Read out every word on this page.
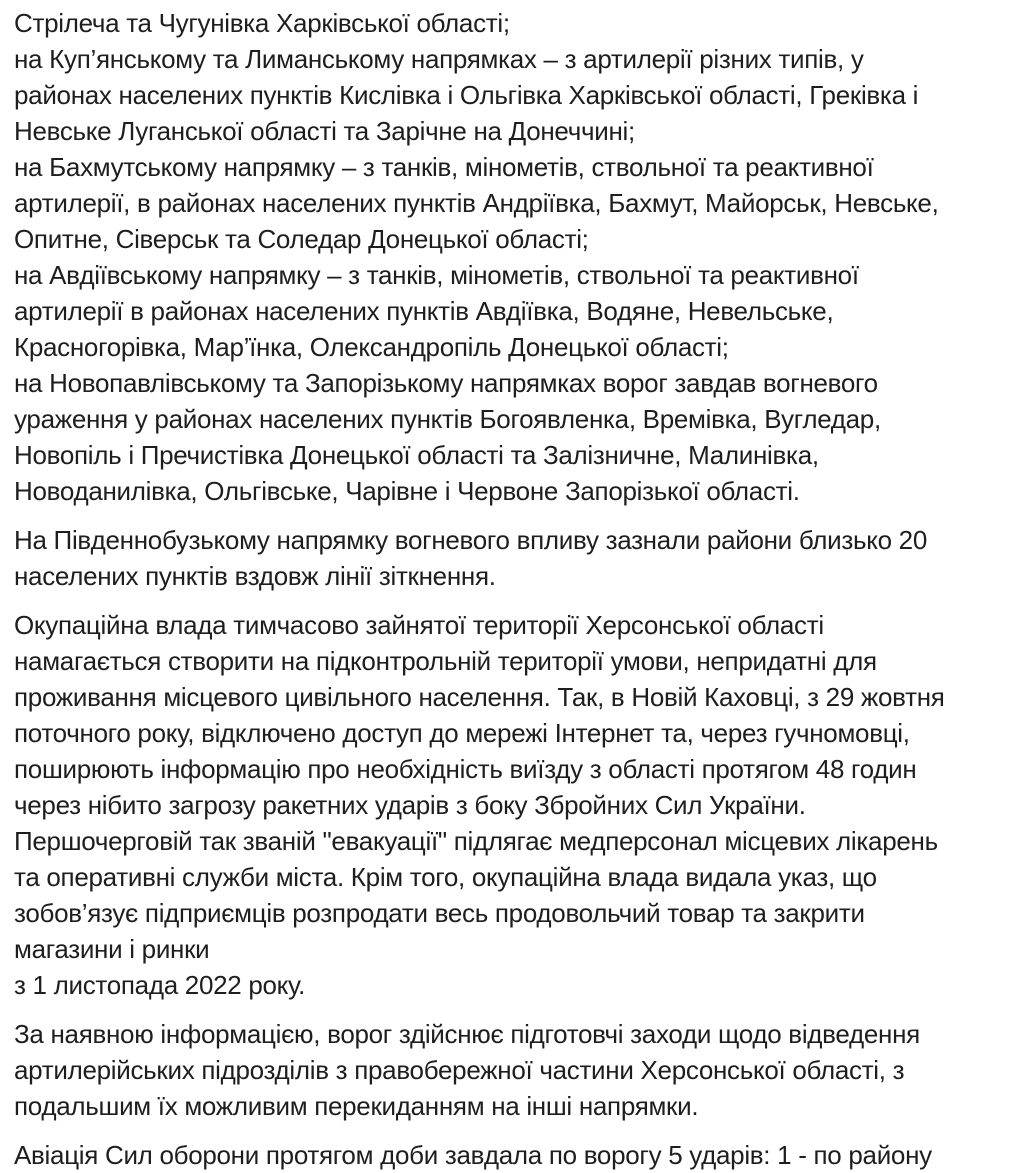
Стрілеча та Чугунівка Харківської області;
на Куп’янському та Лиманському напрямках – з артилерії різних типів, у
районах населених пунктів Кислівка і Ольгівка Харківської області, Греківка і
Невське Луганської області та Зарічне на Донеччині;
на Бахмутському напрямку – з танків, мінометів, ствольної та реактивної
артилерії, в районах населених пунктів Андріївка, Бахмут, Майорськ, Невське,
Опитне, Сіверськ та Соледар Донецької області;
на Авдіївському напрямку – з танків, мінометів, ствольної та реактивної
артилерії в районах населених пунктів Авдіївка, Водяне, Невельське,
Красногорівка, Мар’їнка, Олександропіль Донецької області;
на Новопавлівському та Запорізькому напрямках ворог завдав вогневого
ураження у районах населених пунктів Богоявленка, Времівка, Вугледар,
Новопіль і Пречистівка Донецької області та Залізничне, Малинівка,
Новоданилівка, Ольгівське, Чарівне і Червоне Запорізької області.
На Південнобузькому напрямку вогневого впливу зазнали райони близько 20
населених пунктів вздовж лінії зіткнення.
Окупаційна влада тимчасово зайнятої території Херсонської області
намагається створити на підконтрольній території умови, непридатні для
проживання місцевого цивільного населення. Так, в Новій Каховці, з 29 жовтня
поточного року, відключено доступ до мережі Інтернет та, через гучномовці,
поширюють інформацію про необхідність виїзду з області протягом 48 годин
через нібито загрозу ракетних ударів з боку Збройних Сил України.
Першочерговій так званій "евакуації" підлягає медперсонал місцевих лікарень
та оперативні служби міста. Крім того, окупаційна влада видала указ, що
зобов’язує підприємців розпродати весь продовольчий товар та закрити
магазини і ринки
з 1 листопада 2022 року.
За наявною інформацією, ворог здійснює підготовчі заходи щодо відведення
артилерійських підрозділів з правобережної частини Херсонської області, з
подальшим їх можливим перекиданням на інші напрямки.
Авіація Сил оборони протягом доби завдала по ворогу 5 ударів: 1 - по району
